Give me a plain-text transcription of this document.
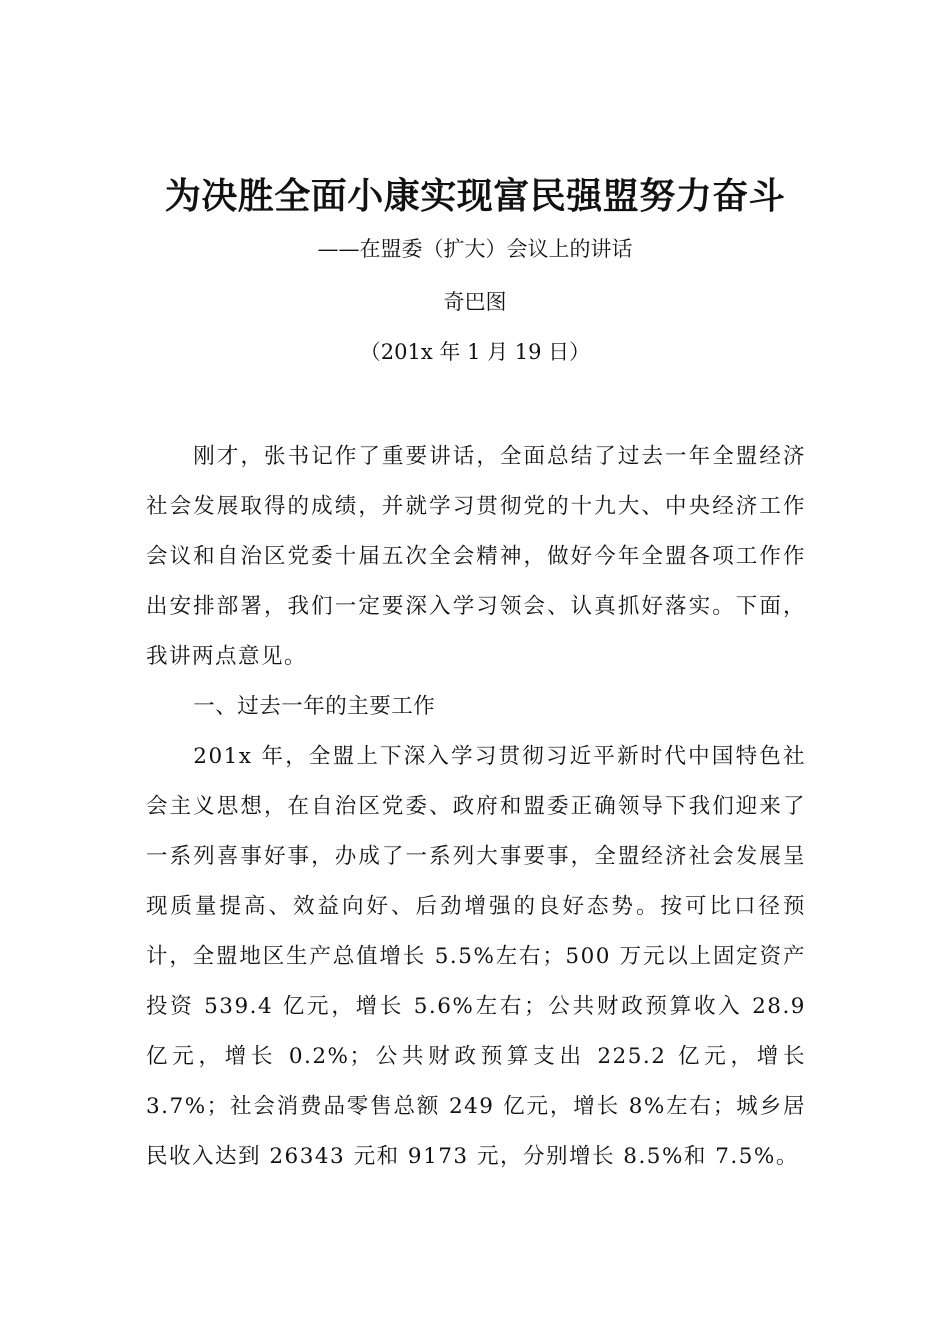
为决胜全面小康实现富民强盟努力奋斗
——在盟委（扩大）会议上的讲话
奇巴图
（201x 年 1 月 19 日）

刚才，张书记作了重要讲话，全面总结了过去一年全盟经济社会发展取得的成绩，并就学习贯彻党的十九大、中央经济工作会议和自治区党委十届五次全会精神，做好今年全盟各项工作作出安排部署，我们一定要深入学习领会、认真抓好落实。下面，我讲两点意见。

一、过去一年的主要工作

201x 年，全盟上下深入学习贯彻习近平新时代中国特色社会主义思想，在自治区党委、政府和盟委正确领导下我们迎来了一系列喜事好事，办成了一系列大事要事，全盟经济社会发展呈现质量提高、效益向好、后劲增强的良好态势。按可比口径预计，全盟地区生产总值增长 5.5%左右；500 万元以上固定资产投资 539.4 亿元，增长 5.6%左右；公共财政预算收入 28.9 亿元，增长 0.2%；公共财政预算支出 225.2 亿元，增长 3.7%；社会消费品零售总额 249 亿元，增长 8%左右；城乡居民收入达到 26343 元和 9173 元，分别增长 8.5%和 7.5%。
